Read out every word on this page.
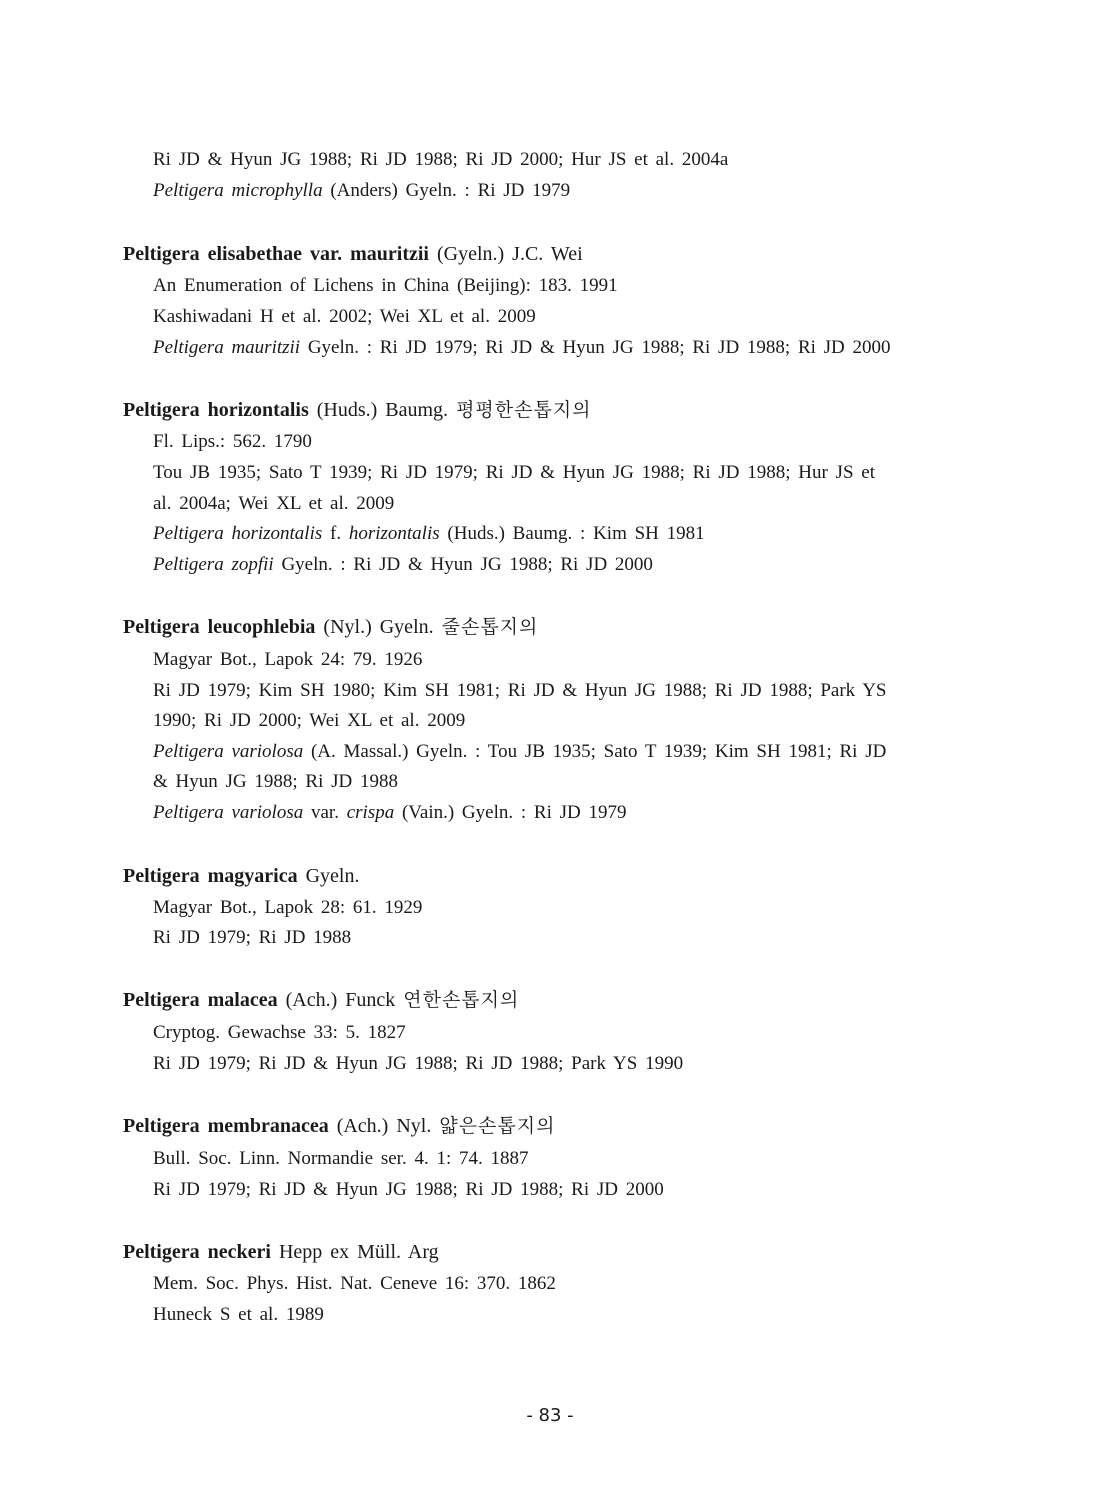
Ri JD & Hyun JG 1988; Ri JD 1988; Ri JD 2000; Hur JS et al. 2004a
Peltigera microphylla (Anders) Gyeln. : Ri JD 1979
Peltigera elisabethae var. mauritzii (Gyeln.) J.C. Wei
An Enumeration of Lichens in China (Beijing): 183. 1991
Kashiwadani H et al. 2002; Wei XL et al. 2009
Peltigera mauritzii Gyeln. : Ri JD 1979; Ri JD & Hyun JG 1988; Ri JD 1988; Ri JD 2000
Peltigera horizontalis (Huds.) Baumg. 평평한손톱지의
Fl. Lips.: 562. 1790
Tou JB 1935; Sato T 1939; Ri JD 1979; Ri JD & Hyun JG 1988; Ri JD 1988; Hur JS et
al. 2004a; Wei XL et al. 2009
Peltigera horizontalis f. horizontalis (Huds.) Baumg. : Kim SH 1981
Peltigera zopfii Gyeln. : Ri JD & Hyun JG 1988; Ri JD 2000
Peltigera leucophlebia (Nyl.) Gyeln. 줄손톱지의
Magyar Bot., Lapok 24: 79. 1926
Ri JD 1979; Kim SH 1980; Kim SH 1981; Ri JD & Hyun JG 1988; Ri JD 1988; Park YS
1990; Ri JD 2000; Wei XL et al. 2009
Peltigera variolosa (A. Massal.) Gyeln. : Tou JB 1935; Sato T 1939; Kim SH 1981; Ri JD
& Hyun JG 1988; Ri JD 1988
Peltigera variolosa var. crispa (Vain.) Gyeln. : Ri JD 1979
Peltigera magyarica Gyeln.
Magyar Bot., Lapok 28: 61. 1929
Ri JD 1979; Ri JD 1988
Peltigera malacea (Ach.) Funck 연한손톱지의
Cryptog. Gewachse 33: 5. 1827
Ri JD 1979; Ri JD & Hyun JG 1988; Ri JD 1988; Park YS 1990
Peltigera membranacea (Ach.) Nyl. 얇은손톱지의
Bull. Soc. Linn. Normandie ser. 4. 1: 74. 1887
Ri JD 1979; Ri JD & Hyun JG 1988; Ri JD 1988; Ri JD 2000
Peltigera neckeri Hepp ex Müll. Arg
Mem. Soc. Phys. Hist. Nat. Ceneve 16: 370. 1862
Huneck S et al. 1989
- 83 -
